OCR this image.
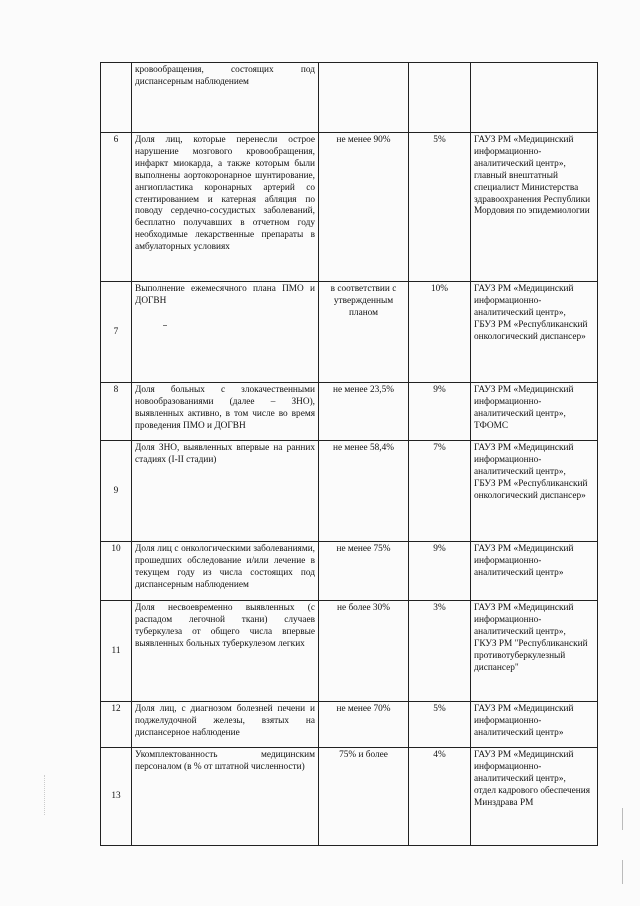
	кровообращения, состоящих под диспансерным наблюдением			
6	Доля лиц, которые перенесли острое нарушение мозгового кровообращения, инфаркт миокарда, а также которым были выполнены аортокоронарное шунтирование, ангиопластика коронарных артерий со стентированием и катерная абляция по поводу сердечно-сосудистых заболеваний, бесплатно получавших в отчетном году необходимые лекарственные препараты в амбулаторных условиях	не менее 90%	5%	ГАУЗ РМ «Медицинский информационно-аналитический центр»,
главный внештатный специалист Министерства здравоохранения Республики Мордовия по эпидемиологии

7	Выполнение ежемесячного плана ПМО и ДОГВН	в соответствии с утвержденным планом	10%	ГАУЗ РМ «Медицинский информационно-аналитический центр»,
ГБУЗ РМ «Республиканский онкологический диспансер»

8	Доля больных с злокачественными новообразованиями (далее – ЗНО), выявленных активно, в том числе во время проведения ПМО и ДОГВН	не менее 23,5%	9%	ГАУЗ РМ «Медицинский информационно-аналитический центр»,
ТФОМС

9	Доля ЗНО, выявленных впервые на ранних стадиях (I-II стадии)	не менее 58,4%	7%	ГАУЗ РМ «Медицинский информационно-аналитический центр»,
ГБУЗ РМ «Республиканский онкологический диспансер»

10	Доля лиц с онкологическими заболеваниями, прошедших обследование и/или лечение в текущем году из числа состоящих под диспансерным наблюдением	не менее 75%	9%	ГАУЗ РМ «Медицинский информационно-аналитический центр»

11	Доля несвоевременно выявленных (с распадом легочной ткани) случаев туберкулеза от общего числа впервые выявленных больных туберкулезом легких	не более 30%	3%	ГАУЗ РМ «Медицинский информационно-аналитический центр»,
ГКУЗ РМ "Республиканский противотуберкулезный диспансер"

12	Доля лиц, с диагнозом болезней печени и поджелудочной железы, взятых на диспансерное наблюдение	не менее 70%	5%	ГАУЗ РМ «Медицинский информационно-аналитический центр»

13	Укомплектованность медицинским персоналом (в % от штатной численности)	75% и более	4%	ГАУЗ РМ «Медицинский информационно-аналитический центр»,
отдел кадрового обеспечения Минздрава РМ
